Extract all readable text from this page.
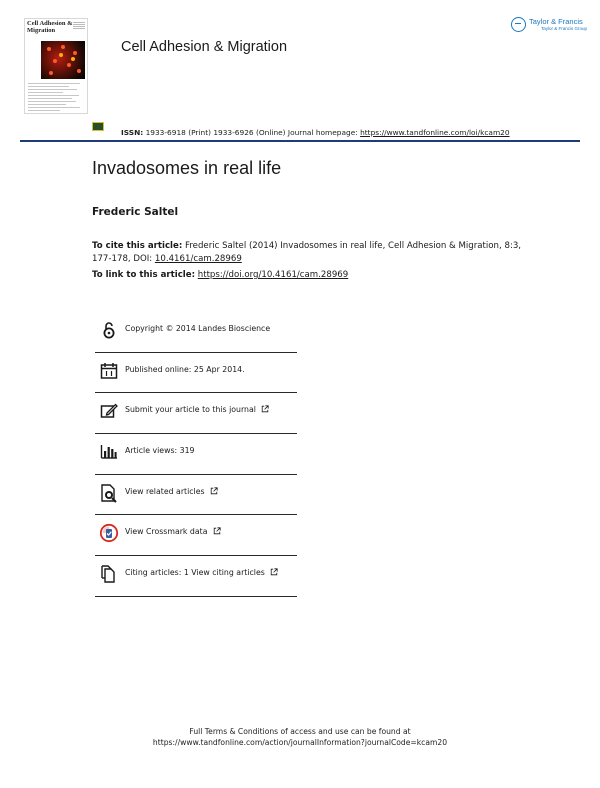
Cell Adhesion & Migration
Cell Adhesion & Migration
Taylor & Francis
Taylor & Francis Group
ISSN: 1933-6918 (Print) 1933-6926 (Online) Journal homepage: https://www.tandfonline.com/loi/kcam20
Invadosomes in real life
Frederic Saltel
To cite this article: Frederic Saltel (2014) Invadosomes in real life, Cell Adhesion & Migration, 8:3, 177-178, DOI: 10.4161/cam.28969
To link to this article: https://doi.org/10.4161/cam.28969
Copyright © 2014 Landes Bioscience
Published online: 25 Apr 2014.
Submit your article to this journal
Article views: 319
View related articles
View Crossmark data
Citing articles: 1 View citing articles
Full Terms & Conditions of access and use can be found at
https://www.tandfonline.com/action/journalInformation?journalCode=kcam20
